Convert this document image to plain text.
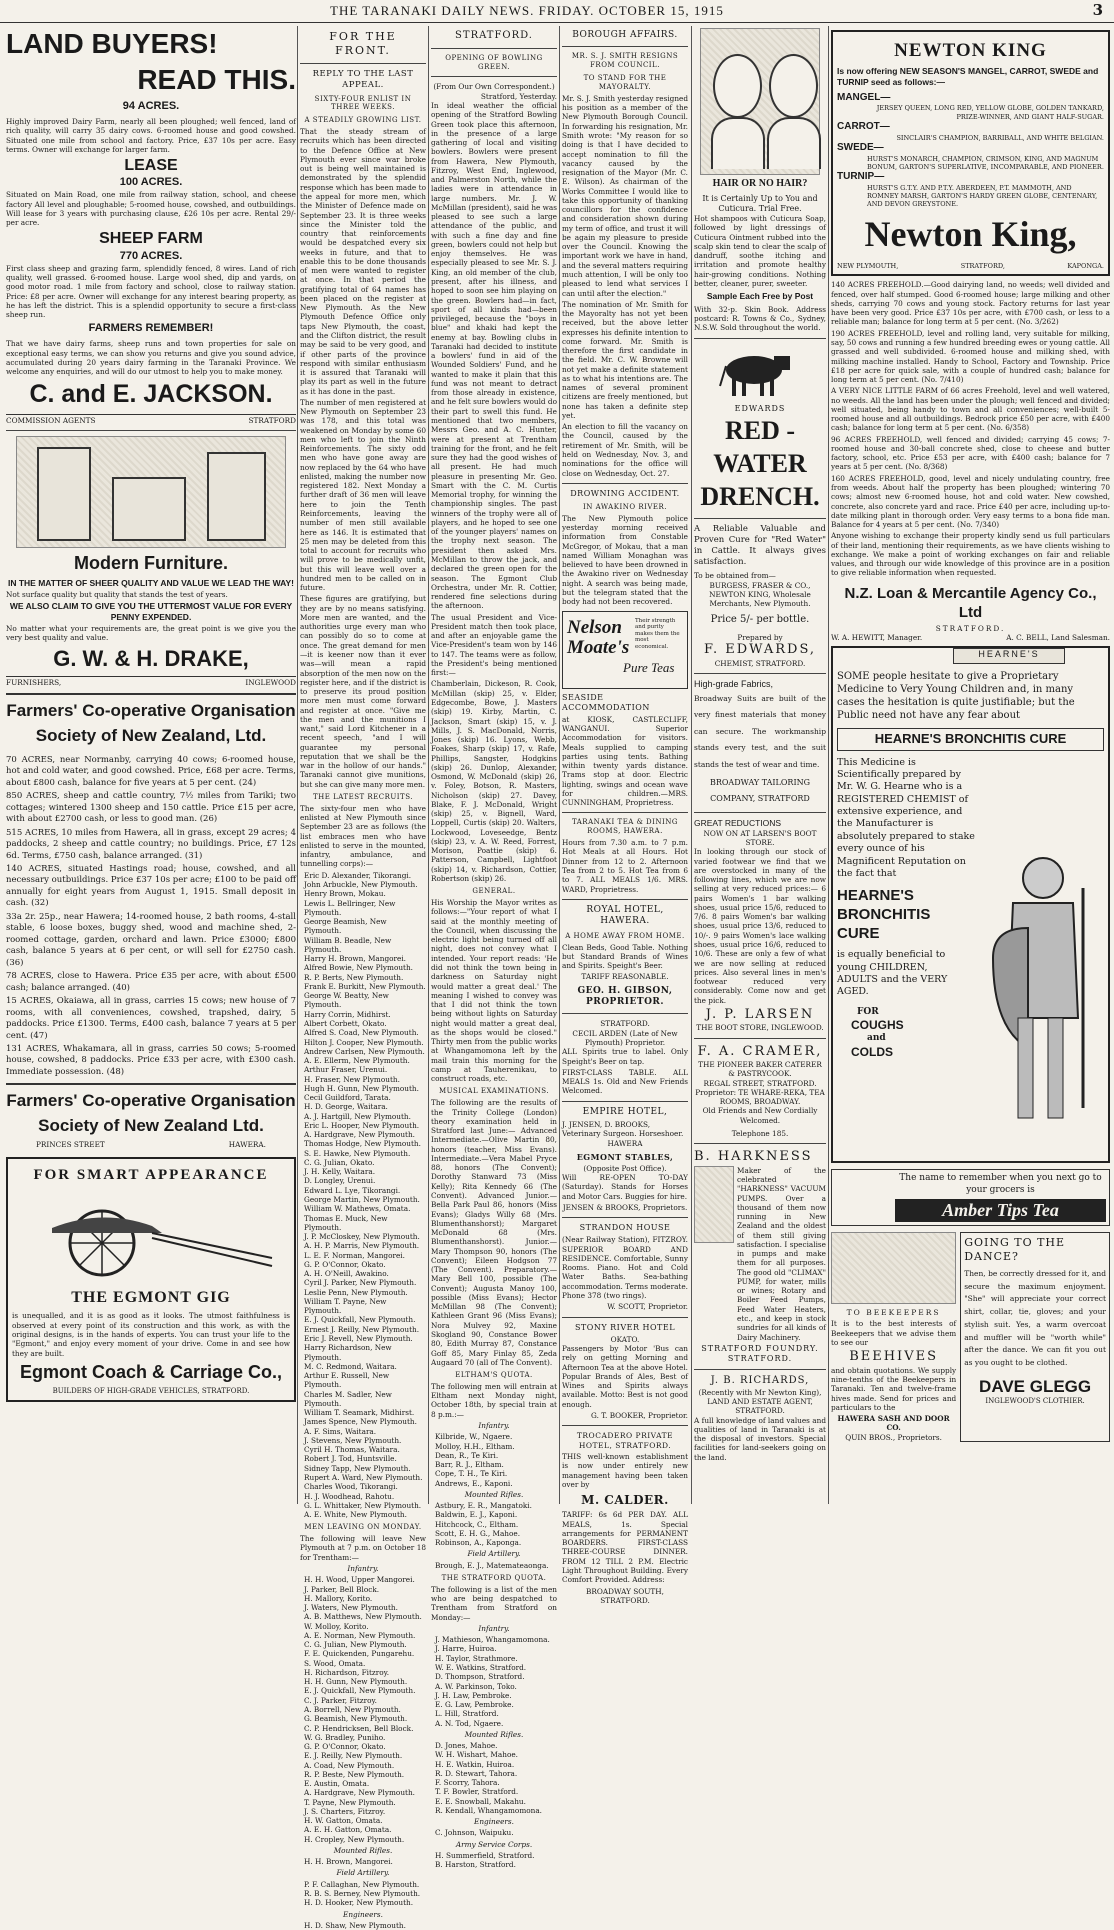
THE TARANAKI DAILY NEWS. FRIDAY. OCTOBER 15, 1915	3
LAND BUYERS!
READ THIS.
94 ACRES.

Highly improved Dairy Farm, nearly all been ploughed; well fenced, land of rich quality, will carry 35 dairy cows. 6-roomed house and good cowshed. Situated one mile from school and factory. Price, £37 10s per acre. Easy terms. Owner will exchange for larger farm.

LEASE
100 ACRES.

Situated on Main Road, one mile from railway station, school, and cheese factory All level and ploughable; 5-roomed house, cowshed, and outbuildings. Will lease for 3 years with purchasing clause, £26 10s per acre. Rental 29/- per acre.

SHEEP FARM
770 ACRES.

First class sheep and grazing farm, splendidly fenced, 8 wires. Land of rich quality, well grassed. 6-roomed house. Large wool shed, dip and yards, on good motor road. 1 mile from factory and school, close to railway station. Price: £8 per acre. Owner will exchange for any interest bearing property, as he has left the district. This is a splendid opportunity to secure a first-class sheep run.

FARMERS REMEMBER!

That we have dairy farms, sheep runs and town properties for sale on exceptional easy terms, we can show you returns and give you sound advice, accumulated during 20 years dairy farming in the Taranaki Province. We welcome any enquiries, and will do our utmost to help you to make money.

C. and E. JACKSON.
COMMISSION AGENTS	STRATFORD
Modern Furniture.
IN THE MATTER OF SHEER QUALITY AND VALUE WE LEAD THE WAY!

Not surface quality but quality that stands the test of years.

WE ALSO CLAIM TO GIVE YOU THE UTTERMOST VALUE FOR EVERY PENNY EXPENDED.

No matter what your requirements are, the great point is we give you the very best quality and value.

G. W. & H. DRAKE,
FURNISHERS,	INGLEWOOD
Farmers' Co-operative Organisation
Society of New Zealand, Ltd.

70 ACRES, near Normanby, carrying 40 cows; 6-roomed house, hot and cold water, and good cowshed. Price, £68 per acre. Terms, about £800 cash, balance for five years at 5 per cent. (24)

850 ACRES, sheep and cattle country, 7½ miles from Tariki; two cottages; wintered 1300 sheep and 150 cattle. Price £15 per acre, with about £2700 cash, or less to good man. (26)

515 ACRES, 10 miles from Hawera, all in grass, except 29 acres; 4 paddocks, 2 sheep and cattle country; no buildings. Price, £7 12s 6d. Terms, £750 cash, balance arranged. (31)

140 ACRES, situated Hastings road; house, cowshed, and all necessary outbuildings. Price £37 10s per acre; £100 to be paid off annually for eight years from August 1, 1915. Small deposit in cash. (32)

33a 2r. 25p., near Hawera; 14-roomed house, 2 bath rooms, 4-stall stable, 6 loose boxes, buggy shed, wood and machine shed, 2-roomed cottage, garden, orchard and lawn. Price £3000; £800 cash, balance 5 years at 6 per cent, or will sell for £2750 cash. (36)

78 ACRES, close to Hawera. Price £35 per acre, with about £500 cash; balance arranged. (40)

15 ACRES, Okaiawa, all in grass, carries 15 cows; new house of 7 rooms, with all conveniences, cowshed, trapshed, dairy, 5 paddocks. Price £1300. Terms, £400 cash, balance 7 years at 5 per cent. (47)

131 ACRES, Whakamara, all in grass, carries 50 cows; 5-roomed house, cowshed, 8 paddocks. Price £33 per acre, with £300 cash. Immediate possession. (48)

Farmers' Co-operative Organisation
Society of New Zealand Ltd.
PRINCES STREET	HAWERA.
FOR SMART APPEARANCE
THE EGMONT GIG

is unequalled, and it is as good as it looks. The utmost faithfulness is observed at every point of its construction and this work, as with the original designs, is in the hands of experts. You can trust your life to the "Egmont," and enjoy every moment of your drive. Come in and see how they are built.

Egmont Coach & Carriage Co.,
BUILDERS OF HIGH-GRADE VEHICLES, STRATFORD.
FOR THE FRONT.
REPLY TO THE LAST APPEAL.
SIXTY-FOUR ENLIST IN THREE WEEKS.
A STEADILY GROWING LIST.

That the steady stream of recruits which has been directed to the Defence Office at New Plymouth ever since war broke out is being well maintained is demonstrated by the splendid response which has been made to the appeal for more men, which the Minister of Defence made on September 23. It is three weeks since the Minister told the country that reinforcements would be despatched every six weeks in future, and that to enable this to be done thousands of men were wanted to register at once. In that period the gratifying total of 64 names has been placed on the register at New Plymouth. As the New Plymouth Defence Office only taps New Plymouth, the coast, and the Clifton district, the result may be said to be very good, and if other parts of the province respond with similar enthusiasm it is assured that Taranaki will play its part as well in the future as it has done in the past.

The number of men registered at New Plymouth on September 23 was 178, and this total was weakened on Monday by some 60 men who left to join the Ninth Reinforcements. The sixty odd men who have gone away are now replaced by the 64 who have enlisted, making the number now registered 182. Next Monday a further draft of 36 men will leave here to join the Tenth Reinforcements, leaving the number of men still available here as 146. It is estimated that 25 men may be deleted from this total to account for recruits who will prove to be medically unfit, but this will leave well over a hundred men to be called on in future.

These figures are gratifying, but they are by no means satisfying. More men are wanted, and the authorities urge every man who can possibly do so to come at once. The great demand for men—it is keener now than it ever was—will mean a rapid absorption of the men now on the register here, and if the district is to preserve its proud position more men must come forward and register at once. "Give me the men and the munitions I want," said Lord Kitchener in a recent speech, "and I will guarantee my personal reputation that we shall be the war in the hollow of our hands." Taranaki cannot give munitions, but she can give many more men.

THE LATEST RECRUITS.

The sixty-four men who have enlisted at New Plymouth since September 23 are as follows (the list embraces men who have enlisted to serve in the mounted, infantry, ambulance, and tunnelling corps):—

Eric D. Alexander, Tikorangi.

John Arbuckle, New Plymouth.

Henry Brown, Mokau.

Lewis L. Bellringer, New Plymouth.

George Beamish, New Plymouth.

William B. Beadle, New Plymouth.

Harry H. Brown, Mangorei.

Alfred Bowie, New Plymouth.

R. P. Berts, New Plymouth.

Frank E. Burkitt, New Plymouth.

George W. Beatty, New Plymouth.

Harry Corrin, Midhirst.

Albert Corbett, Okato.

Alfred S. Coad, New Plymouth.

Hilton J. Cooper, New Plymouth.

Andrew Carlsen, New Plymouth.

A. E. Ellerm, New Plymouth.

Arthur Fraser, Urenui.

H. Fraser, New Plymouth.

Hugh H. Gunn, New Plymouth.

Cecil Guildford, Tarata.

H. D. George, Waitara.

A. J. Hartgill, New Plymouth.

Eric L. Hooper, New Plymouth.

A. Hardgrave, New Plymouth.

Thomas Hodge, New Plymouth.

S. E. Hawke, New Plymouth.

C. G. Julian, Okato.

J. H. Kelly, Waitara.

D. Longley, Urenui.

Edward L. Lye, Tikorangi.

George Martin, New Plymouth.

William W. Mathews, Omata.

Thomas E. Muck, New Plymouth.

J. P. McCloskey, New Plymouth.

A. H. P. Marris, New Plymouth.

L. E. F. Norman, Mangorei.

G. P. O'Connor, Okato.

A. H. O'Neill, Awakino.

Cyril J. Parker, New Plymouth.

Leslie Penn, New Plymouth.

William T. Payne, New Plymouth.

E. J. Quickfall, New Plymouth.

Ernest J. Reilly, New Plymouth.

Eric J. Revell, New Plymouth.

Harry Richardson, New Plymouth.

M. C. Redmond, Waitara.

Arthur E. Russell, New Plymouth.

Charles M. Sadler, New Plymouth.

William T. Seamark, Midhirst.

James Spence, New Plymouth.

A. F. Sims, Waitara.

J. Stevens, New Plymouth.

Cyril H. Thomas, Waitara.

Robert J. Tod, Huntsville.

Sidney Tapp, New Plymouth.

Rupert A. Ward, New Plymouth.

Charles Wood, Tikorangi.

H. J. Woodhead, Rahotu.

G. L. Whittaker, New Plymouth.

A. E. White, New Plymouth.

MEN LEAVING ON MONDAY.

The following will leave New Plymouth at 7 p.m. on October 18 for Trentham:—

Infantry.

H. H. Wood, Upper Mangorei.

J. Parker, Bell Block.

H. Mallory, Korito.

J. Waters, New Plymouth.

A. B. Matthews, New Plymouth.

W. Molloy, Korito.

A. E. Norman, New Plymouth.

C. G. Julian, New Plymouth.

F. E. Quickenden, Pungarehu.

S. Wood, Omata.

H. Richardson, Fitzroy.

H. H. Gunn, New Plymouth.

E. J. Quickfall, New Plymouth.

C. J. Parker, Fitzroy.

A. Borrell, New Plymouth.

G. Beamish, New Plymouth.

C. P. Hendricksen, Bell Block.

W. G. Bradley, Puniho.

G. P. O'Connor, Okato.

E. J. Reilly, New Plymouth.

A. Coad, New Plymouth.

R. P. Beste, New Plymouth.

E. Austin, Omata.

A. Hardgrave, New Plymouth.

T. Payne, New Plymouth.

J. S. Charters, Fitzroy.

H. W. Gatton, Omata.

A. E. H. Gatton, Omata.

H. Cropley, New Plymouth.

Mounted Rifles.

H. H. Brown, Mangorei.

Field Artillery.

P. F. Callaghan, New Plymouth.

R. B. S. Berney, New Plymouth.

H. D. Hooker, New Plymouth.

Engineers.

H. D. Shaw, New Plymouth.

STRATFORD.
OPENING OF BOWLING GREEN.
(From Our Own Correspondent.)
Stratford, Yesterday.

In ideal weather the official opening of the Stratford Bowling Green took place this afternoon, in the presence of a large gathering of local and visiting bowlers. Bowlers were present from Hawera, New Plymouth, Fitzroy, West End, Inglewood, and Palmerston North, while the ladies were in attendance in large numbers. Mr. J. W. McMillan (president), said he was pleased to see such a large attendance of the public, and with such a fine day and fine green, bowlers could not help but enjoy themselves. He was especially pleased to see Mr. S. J. King, an old member of the club, present, after his illness, and hoped to soon see him playing on the green. Bowlers had—in fact, sport of all kinds had—been privileged, because the "boys in blue" and khaki had kept the enemy at bay. Bowling clubs in Taranaki had decided to institute a bowlers' fund in aid of the Wounded Soldiers' Fund, and he wanted to make it plain that this fund was not meant to detract from those already in existence, and he felt sure bowlers would do their part to swell this fund. He mentioned that two members, Messrs Geo. and A. C. Hunter, were at present at Trentham training for the front, and he felt sure they had the good wishes of all present. He had much pleasure in presenting Mr. Geo. Smart with the C. M. Curtis Memorial trophy, for winning the championship singles. The past winners of the trophy were all of players, and he hoped to see one of the younger players' names on the trophy next season. The president then asked Mrs. McMillan to throw the jack, and declared the green open for the season. The Egmont Club Orchestra, under Mr. R. Cottier, rendered fine selections during the afternoon.

The usual President and Vice-President match then took place, and after an enjoyable game the Vice-President's team won by 146 to 147. The teams were as follow, the President's being mentioned first:—

Chamberlain, Dickeson, R. Cook, McMillan (skip) 25, v. Elder, Edgecombe, Bowe, J. Masters (skip) 19. Kirby, Martin, C. Jackson, Smart (skip) 15, v. J. Mills, J. S. MacDonald, Norris, Jones (skip) 16. Lyons, Webb, Foakes, Sharp (skip) 17, v. Rafe, Phillips, Sangster, Hodgkins (skip) 26. Dunlop, Alexander, Osmond, W. McDonald (skip) 26, v. Foley, Botson, R. Masters, Nicholson (skip) 27. Davey, Blake, F. J. McDonald, Wright (skip) 25, v. Bignell, Ward, Loppell, Curtis (skip) 20. Walters, Lockwood, Loveseedge, Bentz (skip) 23, v. A. W. Reed, Forrest, Morison, Poattie (skip) 6. Patterson, Campbell, Lightfoot (skip) 14, v. Richardson, Cottier, Robertson (skip) 26.

GENERAL.

His Worship the Mayor writes as follows:—"Your report of what I said at the monthly meeting of the Council, when discussing the electric light being turned off all night, does not convey what I intended. Your report reads: 'He did not think the town being in darkness on Saturday night would matter a great deal.' The meaning I wished to convey was that I did not think the town being without lights on Saturday night would matter a great deal, as the shops would be closed." Thirty men from the public works at Whangamomona left by the mail train this morning for the camp at Tauherenikau, to construct roads, etc.

MUSICAL EXAMINATIONS.

The following are the results of the Trinity College (London) theory examination held in Stratford last June:— Advanced Intermediate.—Olive Martin 80, honors (teacher, Miss Evans). Intermediate.—Vera Mabel Pryce 88, honors (The Convent); Dorothy Stanward 73 (Miss Kelly); Rita Kennedy 66 (The Convent). Advanced Junior.—Bella Park Paul 86, honors (Miss Evans); Gladys Willy 68 (Mrs. Blumenthanshorst); Margaret McDonald 68 (Mrs. Blumenthanshorst). Junior.—Mary Thompson 90, honors (The Convent); Eileen Hodgson 77 (The Convent). Preparatory.—Mary Bell 100, possible (The Convent); Augusta Manoy 100, possible (Miss Evans); Hector McMillan 98 (The Convent); Kathleen Grant 96 (Miss Evans); Nora Mulvey 92, Maxine Skogland 90, Constance Bower 80, Edith Murray 87, Constance Goff 85, Mary Finlay 85, Zeda Augaard 70 (all of The Convent).

ELTHAM'S QUOTA.

The following men will entrain at Eltham next Monday night, October 18th, by special train at 8 p.m.:—

Infantry.

Kilbride, W., Ngaere.

Molloy, H.H., Eltham.

Dean, R., Te Kiri.

Barr, R. J., Eltham.

Cope, T. H., Te Kiri.

Andrews, E., Kaponi.

Mounted Rifles.

Astbury, E. R., Mangatoki.

Baldwin, E. J., Kaponi.

Hitchcock, C., Eltham.

Scott, E. H. G., Mahoe.

Robinson, A., Kaponga.

Field Artillery.

Brough, E. J., Matemateaonga.

THE STRATFORD QUOTA.

The following is a list of the men who are being despatched to Trentham from Stratford on Monday:—

Infantry.

J. Mathieson, Whangamomona.

J. Harre, Huiroa.

H. Taylor, Strathmore.

W. E. Watkins, Stratford.

D. Thompson, Stratford.

A. W. Parkinson, Toko.

J. H. Law, Pembroke.

E. G. Law, Pembroke.

L. Hill, Stratford.

A. N. Tod, Ngaere.

Mounted Rifles.

D. Jones, Mahoe.

W. H. Wishart, Mahoe.

H. E. Watkin, Huiroa.

R. D. Stewart, Tahora.

F. Scorry, Tahora.

T. F. Bowler, Stratford.

E. E. Snowball, Makahu.

R. Kendall, Whangamomona.

Engineers.

C. Johnson, Waipuku.

Army Service Corps.

H. Summerfield, Stratford.

B. Harston, Stratford.

BOROUGH AFFAIRS.
MR. S. J. SMITH RESIGNS FROM COUNCIL.
TO STAND FOR THE MAYORALTY.

Mr. S. J. Smith yesterday resigned his position as a member of the New Plymouth Borough Council. In forwarding his resignation, Mr. Smith wrote: "My reason for so doing is that I have decided to accept nomination to fill the vacancy caused by the resignation of the Mayor (Mr. C. E. Wilson). As chairman of the Works Committee I would like to take this opportunity of thanking councillors for the confidence and consideration shown during my term of office, and trust it will be again my pleasure to preside over the Council. Knowing the important work we have in hand, and the several matters requiring much attention, I will be only too pleased to lend what services I can until after the election."

The nomination of Mr. Smith for the Mayoralty has not yet been received, but the above letter expresses his definite intention to come forward. Mr. Smith is therefore the first candidate in the field. Mr. C. W. Browne will not yet make a definite statement as to what his intentions are. The names of several prominent citizens are freely mentioned, but none has taken a definite step yet.

An election to fill the vacancy on the Council, caused by the retirement of Mr. Smith, will be held on Wednesday, Nov. 3, and nominations for the office will close on Wednesday, Oct. 27.

DROWNING ACCIDENT.
IN AWAKINO RIVER.

The New Plymouth police yesterday morning received information from Constable McGregor, of Mokau, that a man named William Monaghan was believed to have been drowned in the Awakino river on Wednesday night. A search was being made, but the telegram stated that the body had not been recovered.

Nelson
Moate's
Pure Teas
Their strength and purity makes them the most economical.
SEASIDE ACCOMMODATION

at KIOSK, CASTLECLIFF, WANGANUI. Superior Accommodation for visitors. Meals supplied to camping parties using tents. Bathing within twenty yards distance. Trams stop at door. Electric lighting, swings and ocean wave for children.—MRS. CUNNINGHAM, Proprietress.

TARANAKI TEA & DINING ROOMS, HAWERA.

Hours from 7.30 a.m. to 7 p.m. Hot Meals at all Hours. Hot Dinner from 12 to 2. Afternoon Tea from 2 to 5. Hot Tea from 6 to 7. ALL MEALS 1/6. MRS. WARD, Proprietress.

ROYAL HOTEL, HAWERA.
A HOME AWAY FROM HOME.

Clean Beds, Good Table. Nothing but Standard Brands of Wines and Spirits. Speight's Beer.

TARIFF REASONABLE.
GEO. H. GIBSON, PROPRIETOR.
STRATFORD.
CECIL ARDEN (Late of New Plymouth) Proprietor.

ALL Spirits true to label. Only Speight's Beer on tap.

FIRST-CLASS TABLE. ALL MEALS 1s. Old and New Friends Welcomed.

EMPIRE HOTEL,
J. JENSEN, D. BROOKS,
Veterinary Surgeon. Horseshoer.
HAWERA
EGMONT STABLES,
(Opposite Post Office).

Will RE-OPEN TO-DAY (Saturday). Stands for Horses and Motor Cars. Buggies for hire.

JENSEN & BROOKS, Proprietors.
STRANDON HOUSE

(Near Railway Station), FITZROY. SUPERIOR BOARD AND RESIDENCE. Comfortable, Sunny Rooms. Piano. Hot and Cold Water Baths. Sea-bathing accommodation. Terms moderate. Phone 378 (two rings).

W. SCOTT, Proprietor.
STONY RIVER HOTEL
OKATO.

Passengers by Motor 'Bus can rely on getting Morning and Afternoon Tea at the above Hotel. Popular Brands of Ales, Best of Wines and Spirits always available. Motto: Best is not good enough.

G. T. BOOKER, Proprietor.
TROCADERO PRIVATE HOTEL, STRATFORD.

THIS well-known establishment is now under entirely new management having been taken over by

M. CALDER.

TARIFF: 6s 6d PER DAY. ALL MEALS, 1s. Special arrangements for PERMANENT BOARDERS. FIRST-CLASS THREE-COURSE DINNER. FROM 12 TILL 2 P.M. Electric Light Throughout Building. Every Comfort Provided. Address:

BROADWAY SOUTH, STRATFORD.
HAIR OR NO HAIR?
It is Certainly Up to You and Cuticura. Trial Free.

Hot shampoos with Cuticura Soap, followed by light dressings of Cuticura Ointment rubbed into the scalp skin tend to clear the scalp of dandruff, soothe itching and irritation and promote healthy hair-growing conditions. Nothing better, cleaner, purer, sweeter.

Sample Each Free by Post

With 32-p. Skin Book. Address postcard: R. Towns & Co., Sydney, N.S.W. Sold throughout the world.

EDWARDS
RED - WATER
DRENCH.

A Reliable Valuable and Proven Cure for "Red Water" in Cattle. It always gives satisfaction.

To be obtained from—
BURGESS, FRASER & CO., NEWTON KING, Wholesale Merchants, New Plymouth.
Price 5/- per bottle.
Prepared by
F. EDWARDS,
CHEMIST, STRATFORD.
High-grade Fabrics,

Broadway Suits are built of the very finest materials that money can secure. The workmanship stands every test, and the suit stands the test of wear and time.

BROADWAY TAILORING COMPANY, STRATFORD
GREAT REDUCTIONS
NOW ON AT LARSEN'S BOOT STORE.

In looking through our stock of varied footwear we find that we are overstocked in many of the following lines, which we are now selling at very reduced prices:— 6 pairs Women's 1 bar walking shoes, usual price 15/6, reduced to 7/6. 8 pairs Women's bar walking shoes, usual price 13/6, reduced to 10/-. 9 pairs Women's lace walking shoes, usual price 16/6, reduced to 10/6. These are only a few of what we are now selling at reduced prices. Also several lines in men's footwear reduced very considerably. Come now and get the pick.

J. P. LARSEN
THE BOOT STORE, INGLEWOOD.
F. A. CRAMER,
THE PIONEER BAKER CATERER & PASTRYCOOK.
REGAL STREET, STRATFORD.
Proprietor: TE WHARE-REKA, TEA ROOMS, BROADWAY.
Old Friends and New Cordially Welcomed.
Telephone 185.
B. HARKNESS

Maker of the celebrated "HARKNESS" VACUUM PUMPS. Over a thousand of them now running in New Zealand and the oldest of them still giving satisfaction. I specialise in pumps and make them for all purposes. The good old "CLIMAX" PUMP, for water, mills or wines; Rotary and Boiler Feed Pumps, Feed Water Heaters, etc., and keep in stock sundries for all kinds of Dairy Machinery.

STRATFORD FOUNDRY. STRATFORD.
J. B. RICHARDS,
(Recently with Mr Newton King), LAND AND ESTATE AGENT, STRATFORD.

A full knowledge of land values and qualities of land in Taranaki is at the disposal of investors. Special facilities for land-seekers going on the land.

NEWTON KING
Is now offering NEW SEASON'S MANGEL, CARROT, SWEDE and TURNIP seed as follows:—
MANGEL—
JERSEY QUEEN, LONG RED, YELLOW GLOBE, GOLDEN TANKARD, PRIZE-WINNER, AND GIANT HALF-SUGAR.
CARROT—
SINCLAIR'S CHAMPION, BARRIBALL, AND WHITE BELGIAN.
SWEDE—
HURST'S MONARCH, CHAMPION, CRIMSON, KING, AND MAGNUM BONUM, GARTON'S SUPERLATIVE, INCOMPARABLE, AND PIONEER.
TURNIP—
HURST'S G.T.Y. AND P.T.Y. ABERDEEN, P.T. MAMMOTH, AND ROMNEY MARSH, GARTON'S HARDY GREEN GLOBE, CENTENARY, AND DEVON GREYSTONE.
Newton King,
NEW PLYMOUTH,	STRATFORD,	KAPONGA.

140 ACRES FREEHOLD.—Good dairying land, no weeds; well divided and fenced, over half stumped. Good 6-roomed house; large milking and other sheds, carrying 70 cows and young stock. Factory returns for last year have been very good. Price £37 10s per acre, with £700 cash, or less to a reliable man; balance for long term at 5 per cent. (No. 3/262)

190 ACRES FREEHOLD, level and rolling land, very suitable for milking, say, 50 cows and running a few hundred breeding ewes or young cattle. All grassed and well subdivided. 6-roomed house and milking shed, with milking machine installed. Handy to School, Factory and Township. Price £18 per acre for quick sale, with a couple of hundred cash; balance for long term at 5 per cent. (No. 7/410)

A VERY NICE LITTLE FARM of 66 acres Freehold, level and well watered, no weeds. All the land has been under the plough; well fenced and divided; well situated, being handy to town and all conveniences; well-built 5-roomed house and all outbuildings. Bedrock price £50 per acre, with £400 cash; balance for long term at 5 per cent. (No. 6/358)

96 ACRES FREEHOLD, well fenced and divided; carrying 45 cows; 7-roomed house and 30-ball concrete shed, close to cheese and butter factory, school, etc. Price £53 per acre, with £400 cash; balance for 7 years at 5 per cent. (No. 8/368)

160 ACRES FREEHOLD, good, level and nicely undulating country, free from weeds. About half the property has been ploughed; wintering 70 cows; almost new 6-roomed house, hot and cold water. New cowshed, concrete, also concrete yard and race. Price £40 per acre, including up-to-date milking plant in thorough order. Very easy terms to a bona fide man. Balance for 4 years at 5 per cent. (No. 7/340)

Anyone wishing to exchange their property kindly send us full particulars of their land, mentioning their requirements, as we have clients wishing to exchange. We make a point of working exchanges on fair and reliable values, and through our wide knowledge of this province are in a position to give reliable information when requested.

N.Z. Loan & Mercantile Agency Co., Ltd
STRATFORD.
W. A. HEWITT, Manager.	A. C. BELL, Land Salesman.
HEARNE'S
SOME people hesitate to give a Proprietary Medicine to Very Young Children and, in many cases the hesitation is quite justifiable; but the Public need not have any fear about
HEARNE'S BRONCHITIS CURE
This Medicine is Scientifically prepared by Mr. W. G. Hearne who is a REGISTERED CHEMIST of extensive experience, and the Manufacturer is absolutely prepared to stake every ounce of his Magnificent Reputation on the fact that
HEARNE'S
BRONCHITIS
CURE
is equally beneficial to young CHILDREN, ADULTS and the VERY AGED.
FOR
COUGHS
and
COLDS
The name to remember when you next go to your grocers is
Amber Tips Tea
TO BEEKEEPERS

It is to the best interests of Beekeepers that we advise them to see our

BEEHIVES

and obtain quotations. We supply nine-tenths of the Beekeepers in Taranaki. Ten and twelve-frame hives made. Send for prices and particulars to the

HAWERA SASH AND DOOR CO.
QUIN BROS., Proprietors.
GOING TO THE DANCE?

Then, be correctly dressed for it, and secure the maximum enjoyment. "She" will appreciate your correct shirt, collar, tie, gloves; and your stylish suit. Yes, a warm overcoat and muffler will be "worth while" after the dance. We can fit you out as you ought to be clothed.

DAVE GLEGG
INGLEWOOD'S CLOTHIER.
